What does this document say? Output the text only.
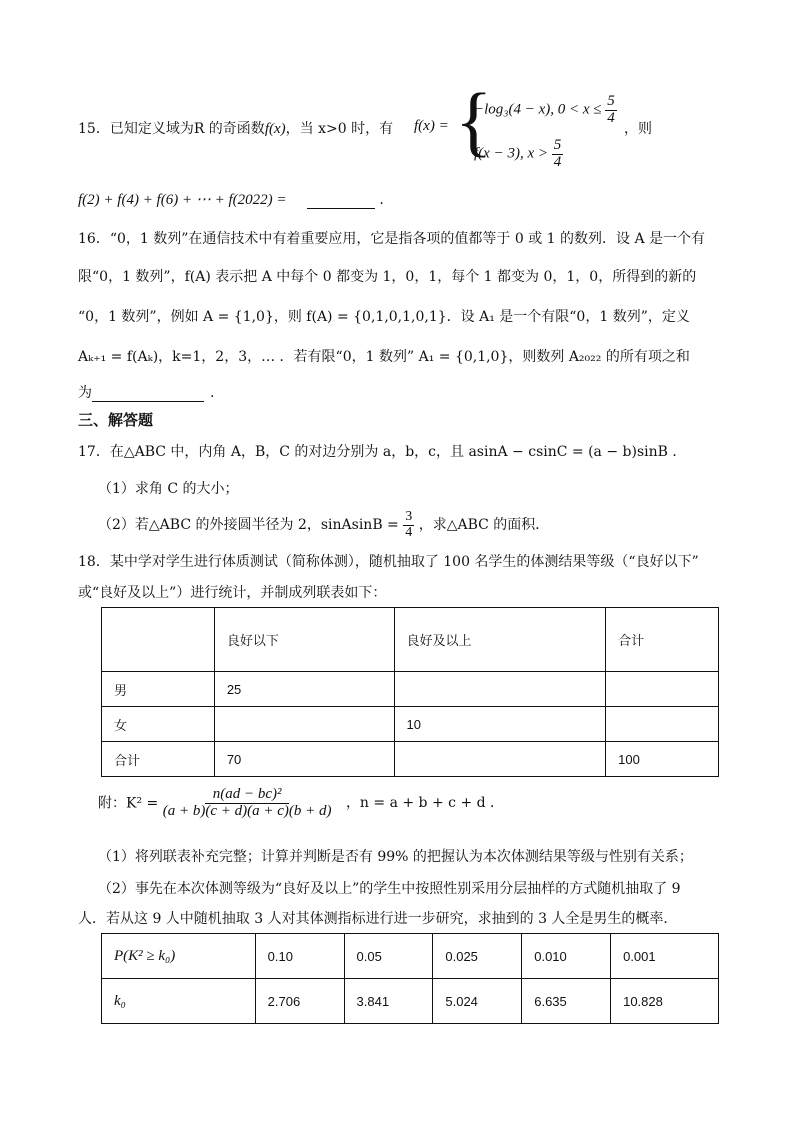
15．已知定义域为R 的奇函数f(x)，当 x>0 时，有 f(x) = {
−log₃(4 − x), $0 < x \le \frac{5}{4}$
f(x − 3), $x > \frac{5}{4}$
，则
f(2) + f(4) + f(6) + ⋯ + f(2022) =	.
16．“0，1 数列”在通信技术中有着重要应用，它是指各项的值都等于 0 或 1 的数列．设 A 是一个有
限“0，1 数列”，f(A) 表示把 A 中每个 0 都变为 1，0，1，每个 1 都变为 0，1，0，所得到的新的
“0，1 数列”，例如 A = {1,0}，则 f(A) = {0,1,0,1,0,1}．设 A₁ 是一个有限“0，1 数列”，定义
Aₖ₊₁ = f(Aₖ)，k=1，2，3，… ．若有限“0，1 数列” A₁ = {0,1,0}，则数列 A₂₀₂₂ 的所有项之和
为	.
三、解答题
17．在△ABC 中，内角 A，B，C 的对边分别为 a，b，c，且 asinA − csinC = (a − b)sinB ．
（1）求角 C 的大小；
（2）若△ABC 的外接圆半径为 2，sinAsinB = $\frac{3}{4}$ ，求△ABC 的面积．
18．某中学对学生进行体质测试（简称体测），随机抽取了 100 名学生的体测结果等级（“良好以下”
或“良好及以上”）进行统计，并制成列联表如下：
	良好以下	良好及以上	合计
男	25		
女		10	
合计	70		100
附：$K^2 = \frac{\text{n(ad − bc)²}}{(a + b)(c + d)(a + c)(b + d)}$ ，n = a + b + c + d ．
（1）将列联表补充完整；计算并判断是否有 99% 的把握认为本次体测结果等级与性别有关系；
（2）事先在本次体测等级为“良好及以上”的学生中按照性别采用分层抽样的方式随机抽取了 9
人．若从这 9 人中随机抽取 3 人对其体测指标进行进一步研究，求抽到的 3 人全是男生的概率．
P(K² ≥ k₀)	0.10	0.05	0.025	0.010	0.001
k₀	2.706	3.841	5.024	6.635	10.828
